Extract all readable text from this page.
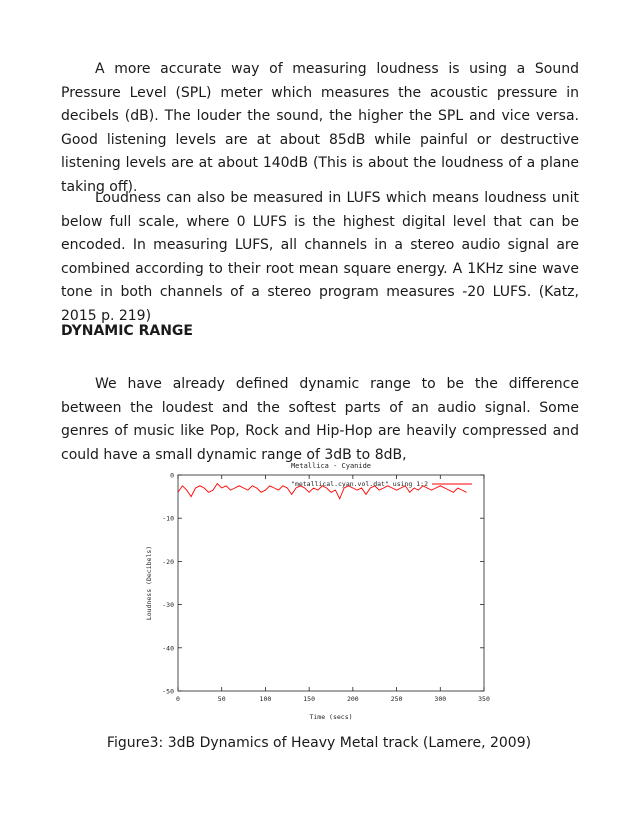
A more accurate way of measuring loudness is using a Sound Pressure Level (SPL) meter which measures the acoustic pressure in decibels (dB). The louder the sound, the higher the SPL and vice versa. Good listening levels are at about 85dB while painful or destructive listening levels are at about 140dB (This is about the loudness of a plane taking off).

Loudness can also be measured in LUFS which means loudness unit below full scale, where 0 LUFS is the highest digital level that can be encoded. In measuring LUFS, all channels in a stereo audio signal are combined according to their root mean square energy. A 1KHz sine wave tone in both channels of a stereo program measures -20 LUFS. (Katz, 2015 p. 219)

DYNAMIC RANGE

We have already defined dynamic range to be the difference between the loudest and the softest parts of an audio signal. Some genres of music like Pop, Rock and Hip-Hop are heavily compressed and could have a small dynamic range of 3dB to 8dB,

Metallica - Cyanide
Time (secs)
Loudness (Decibels)
0	50	100	150	200	250	300	350
0
-10
-20
-30
-40
-50
"metallical.cyan.vol.dat" using 1:2

Figure3: 3dB Dynamics of Heavy Metal track (Lamere, 2009)
